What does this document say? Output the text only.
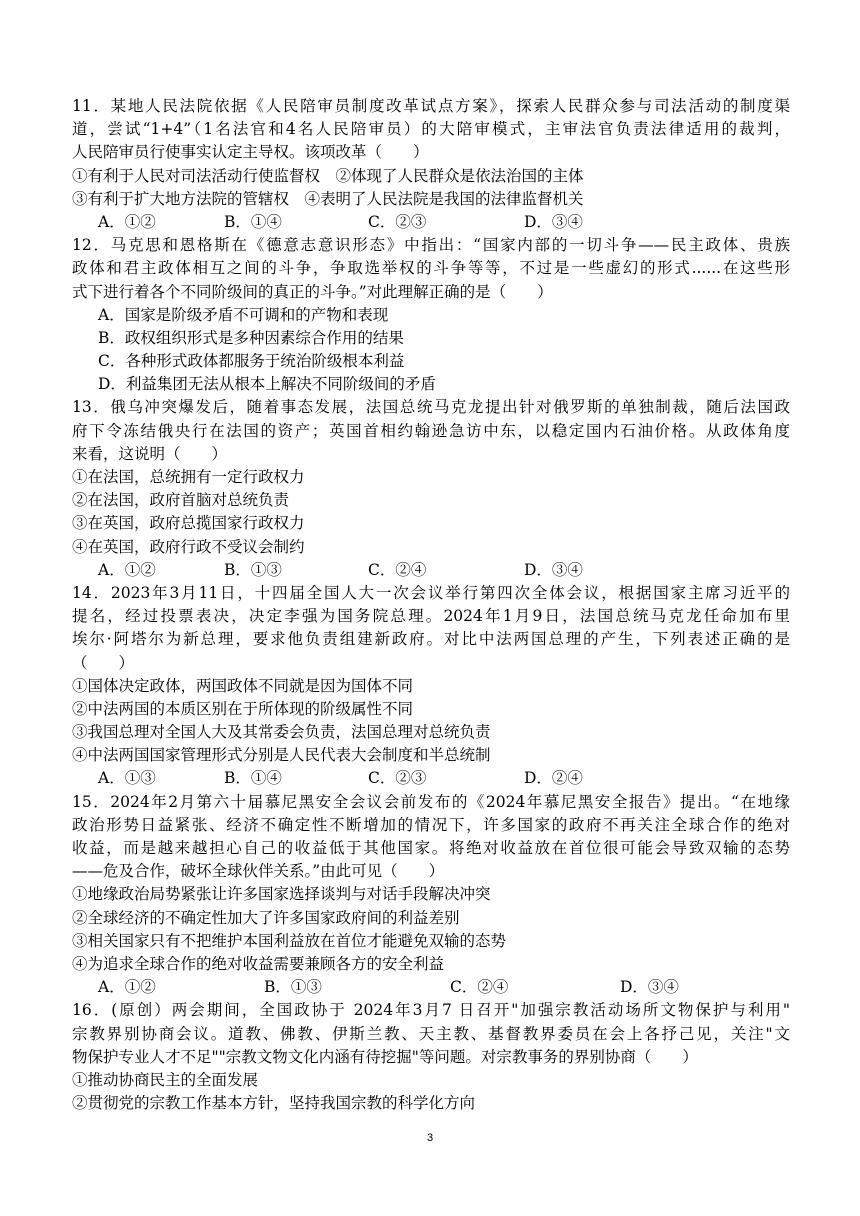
11．某地人民法院依据《人民陪审员制度改革试点方案》，探索人民群众参与司法活动的制度渠
道，尝试“1+4”（1名法官和4名人民陪审员）的大陪审模式，主审法官负责法律适用的裁判，
人民陪审员行使事实认定主导权。该项改革（　　）
①有利于人民对司法活动行使监督权　②体现了人民群众是依法治国的主体
③有利于扩大地方法院的管辖权　④表明了人民法院是我国的法律监督机关
A．①②	B．①④	C．②③	D．③④
12．马克思和恩格斯在《德意志意识形态》中指出：“国家内部的一切斗争——民主政体、贵族
政体和君主政体相互之间的斗争，争取选举权的斗争等等，不过是一些虚幻的形式......在这些形
式下进行着各个不同阶级间的真正的斗争。”对此理解正确的是（　　）
A．国家是阶级矛盾不可调和的产物和表现
B．政权组织形式是多种因素综合作用的结果
C．各种形式政体都服务于统治阶级根本利益
D．利益集团无法从根本上解决不同阶级间的矛盾
13．俄乌冲突爆发后，随着事态发展，法国总统马克龙提出针对俄罗斯的单独制裁，随后法国政
府下令冻结俄央行在法国的资产；英国首相约翰逊急访中东，以稳定国内石油价格。从政体角度
来看，这说明（　　）
①在法国，总统拥有一定行政权力
②在法国，政府首脑对总统负责
③在英国，政府总揽国家行政权力
④在英国，政府行政不受议会制约
A．①②	B．①③	C．②④	D．③④
14．2023年3月11日，十四届全国人大一次会议举行第四次全体会议，根据国家主席习近平的
提名，经过投票表决，决定李强为国务院总理。2024年1月9日，法国总统马克龙任命加布里
埃尔·阿塔尔为新总理，要求他负责组建新政府。对比中法两国总理的产生，下列表述正确的是
（　　）
①国体决定政体，两国政体不同就是因为国体不同
②中法两国的本质区别在于所体现的阶级属性不同
③我国总理对全国人大及其常委会负责，法国总理对总统负责
④中法两国国家管理形式分别是人民代表大会制度和半总统制
A．①③	B．①④	C．②③	D．②④
15．2024年2月第六十届慕尼黑安全会议会前发布的《2024年慕尼黑安全报告》提出。“在地缘
政治形势日益紧张、经济不确定性不断增加的情况下，许多国家的政府不再关注全球合作的绝对
收益，而是越来越担心自己的收益低于其他国家。将绝对收益放在首位很可能会导致双输的态势
——危及合作，破坏全球伙伴关系。”由此可见（　　）
①地缘政治局势紧张让许多国家选择谈判与对话手段解决冲突
②全球经济的不确定性加大了许多国家政府间的利益差别
③相关国家只有不把维护本国利益放在首位才能避免双输的态势
④为追求全球合作的绝对收益需要兼顾各方的安全利益
A．①②	B．①③	C．②④	D．③④
16．(原创）两会期间，全国政协于 2024年3月7 日召开"加强宗教活动场所文物保护与利用"
宗教界别协商会议。道教、佛教、伊斯兰教、天主教、基督教界委员在会上各抒己见，关注"文
物保护专业人才不足""宗教文物文化内涵有待挖掘"等问题。对宗教事务的界别协商（　　）
①推动协商民主的全面发展
②贯彻党的宗教工作基本方针，坚持我国宗教的科学化方向
3
